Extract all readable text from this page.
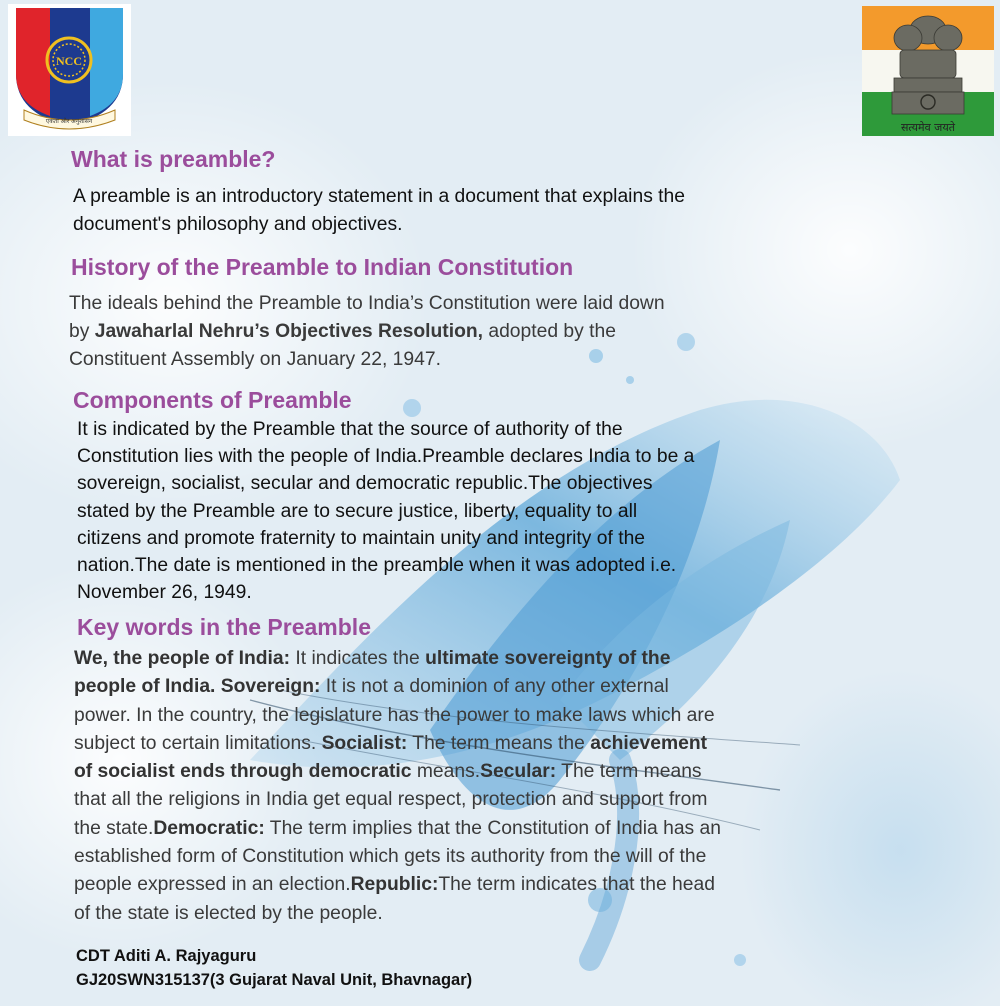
NCC
एकता और अनुशासन	सत्यमेव जयते
What is preamble?
A preamble is an introductory statement in a document that explains the
document's philosophy and objectives.
History of the Preamble to Indian Constitution
The ideals behind the Preamble to India’s Constitution were laid down
by Jawaharlal Nehru’s Objectives Resolution, adopted by the
Constituent Assembly on January 22, 1947.
Components of Preamble
It is indicated by the Preamble that the source of authority of the
Constitution lies with the people of India.Preamble declares India to be a
sovereign, socialist, secular and democratic republic.The objectives
stated by the Preamble are to secure justice, liberty, equality to all
citizens and promote fraternity to maintain unity and integrity of the
nation.The date is mentioned in the preamble when it was adopted i.e.
November 26, 1949.
Key words in the Preamble
We, the people of India: It indicates the ultimate sovereignty of the
people of India. Sovereign: It is not a dominion of any other external
power. In the country, the legislature has the power to make laws which are
subject to certain limitations. Socialist: The term means the achievement
of socialist ends through democratic means.Secular: The term means
that all the religions in India get equal respect, protection and support from
the state.Democratic: The term implies that the Constitution of India has an
established form of Constitution which gets its authority from the will of the
people expressed in an election.Republic:The term indicates that the head
of the state is elected by the people.
CDT Aditi A. Rajyaguru
GJ20SWN315137(3 Gujarat Naval Unit, Bhavnagar)
